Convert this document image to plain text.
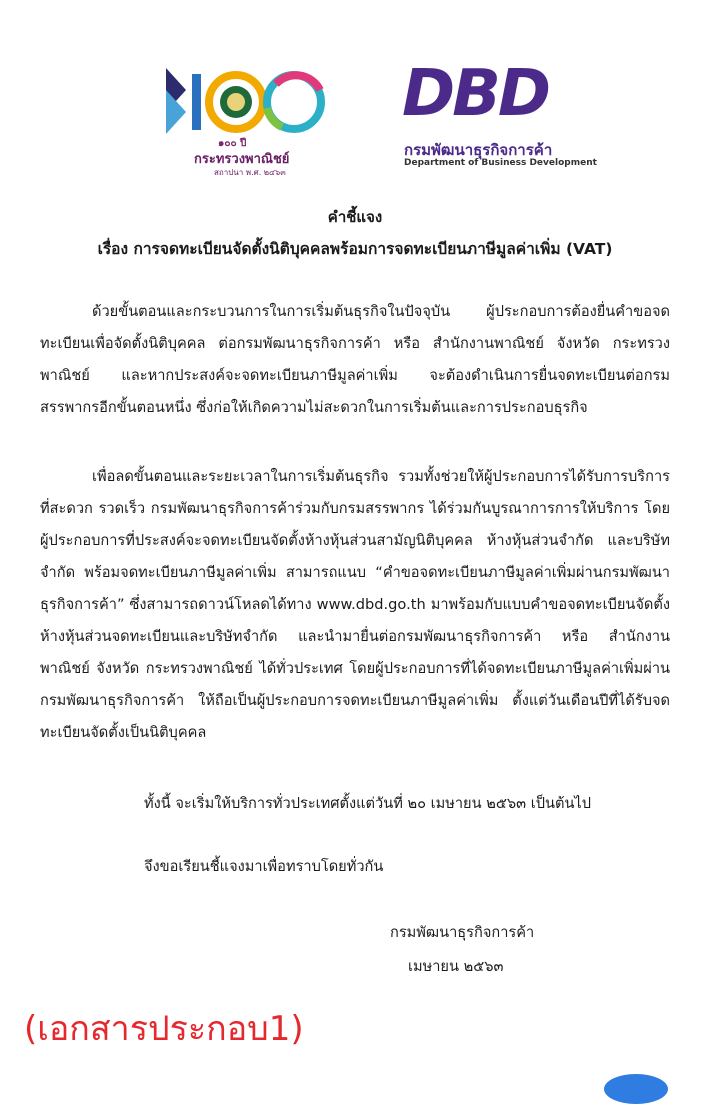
๑๐๐ ปี
กระทรวงพาณิชย์
สถาปนา พ.ศ. ๒๔๖๓
DBD
กรมพัฒนาธุรกิจการค้า
Department of Business Development
คำชี้แจง
เรื่อง การจดทะเบียนจัดตั้งนิติบุคคลพร้อมการจดทะเบียนภาษีมูลค่าเพิ่ม (VAT)
ด้วยขั้นตอนและกระบวนการในการเริ่มต้นธุรกิจในปัจจุบัน ผู้ประกอบการต้องยื่นคำขอจดทะเบียนเพื่อจัดตั้งนิติบุคคล ต่อกรมพัฒนาธุรกิจการค้า หรือ สำนักงานพาณิชย์ จังหวัด กระทรวงพาณิชย์ และหากประสงค์จะจดทะเบียนภาษีมูลค่าเพิ่ม จะต้องดำเนินการยื่นจดทะเบียนต่อกรมสรรพากรอีกขั้นตอนหนึ่ง ซึ่งก่อให้เกิดความไม่สะดวกในการเริ่มต้นและการประกอบธุรกิจ
เพื่อลดขั้นตอนและระยะเวลาในการเริ่มต้นธุรกิจ รวมทั้งช่วยให้ผู้ประกอบการได้รับการบริการที่สะดวก รวดเร็ว กรมพัฒนาธุรกิจการค้าร่วมกับกรมสรรพากร ได้ร่วมกันบูรณาการการให้บริการ โดยผู้ประกอบการที่ประสงค์จะจดทะเบียนจัดตั้งห้างหุ้นส่วนสามัญนิติบุคคล ห้างหุ้นส่วนจำกัด และบริษัทจำกัด พร้อมจดทะเบียนภาษีมูลค่าเพิ่ม สามารถแนบ “คำขอจดทะเบียนภาษีมูลค่าเพิ่มผ่านกรมพัฒนาธุรกิจการค้า” ซึ่งสามารถดาวน์โหลดได้ทาง www.dbd.go.th มาพร้อมกับแบบคำขอจดทะเบียนจัดตั้งห้างหุ้นส่วนจดทะเบียนและบริษัทจำกัด และนำมายื่นต่อกรมพัฒนาธุรกิจการค้า หรือ สำนักงานพาณิชย์ จังหวัด กระทรวงพาณิชย์ ได้ทั่วประเทศ โดยผู้ประกอบการที่ได้จดทะเบียนภาษีมูลค่าเพิ่มผ่านกรมพัฒนาธุรกิจการค้า ให้ถือเป็นผู้ประกอบการจดทะเบียนภาษีมูลค่าเพิ่ม ตั้งแต่วันเดือนปีที่ได้รับจดทะเบียนจัดตั้งเป็นนิติบุคคล
ทั้งนี้ จะเริ่มให้บริการทั่วประเทศตั้งแต่วันที่ ๒๐ เมษายน ๒๕๖๓ เป็นต้นไป
จึงขอเรียนชี้แจงมาเพื่อทราบโดยทั่วกัน
กรมพัฒนาธุรกิจการค้า
เมษายน ๒๕๖๓
(เอกสารประกอบ1)
